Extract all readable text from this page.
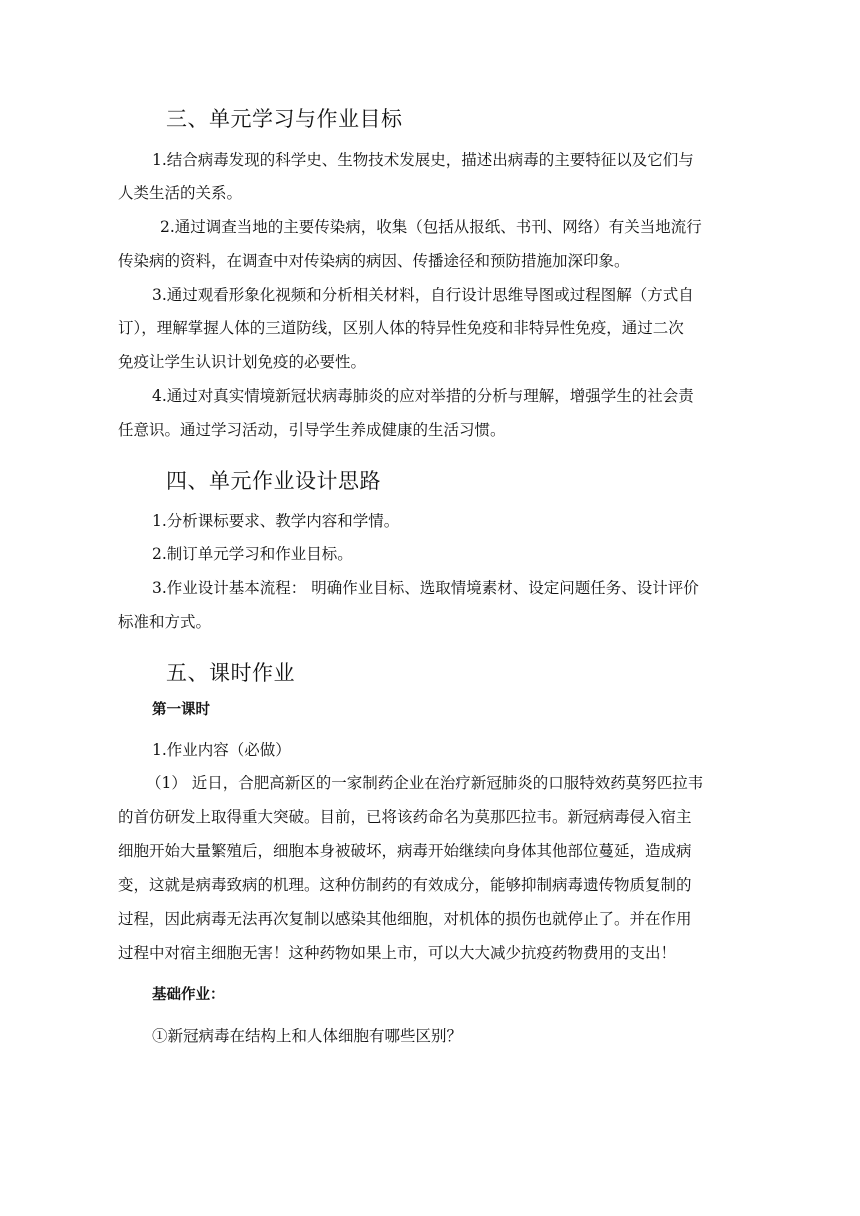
三、单元学习与作业目标

1.结合病毒发现的科学史、生物技术发展史，描述出病毒的主要特征以及它们与

人类生活的关系。

2.通过调查当地的主要传染病，收集（包括从报纸、书刊、网络）有关当地流行

传染病的资料，在调查中对传染病的病因、传播途径和预防措施加深印象。

3.通过观看形象化视频和分析相关材料，自行设计思维导图或过程图解（方式自

订），理解掌握人体的三道防线，区别人体的特异性免疫和非特异性免疫，通过二次

免疫让学生认识计划免疫的必要性。

4.通过对真实情境新冠状病毒肺炎的应对举措的分析与理解，增强学生的社会责

任意识。通过学习活动，引导学生养成健康的生活习惯。

四、单元作业设计思路

1.分析课标要求、教学内容和学情。

2.制订单元学习和作业目标。

3.作业设计基本流程： 明确作业目标、选取情境素材、设定问题任务、设计评价

标准和方式。

五、课时作业

第一课时

1.作业内容（必做）

（1） 近日，合肥高新区的一家制药企业在治疗新冠肺炎的口服特效药莫努匹拉韦

的首仿研发上取得重大突破。目前，已将该药命名为莫那匹拉韦。新冠病毒侵入宿主

细胞开始大量繁殖后，细胞本身被破坏，病毒开始继续向身体其他部位蔓延，造成病

变，这就是病毒致病的机理。这种仿制药的有效成分，能够抑制病毒遗传物质复制的

过程，因此病毒无法再次复制以感染其他细胞，对机体的损伤也就停止了。并在作用

过程中对宿主细胞无害！这种药物如果上市，可以大大减少抗疫药物费用的支出！

基础作业：

①新冠病毒在结构上和人体细胞有哪些区别？
